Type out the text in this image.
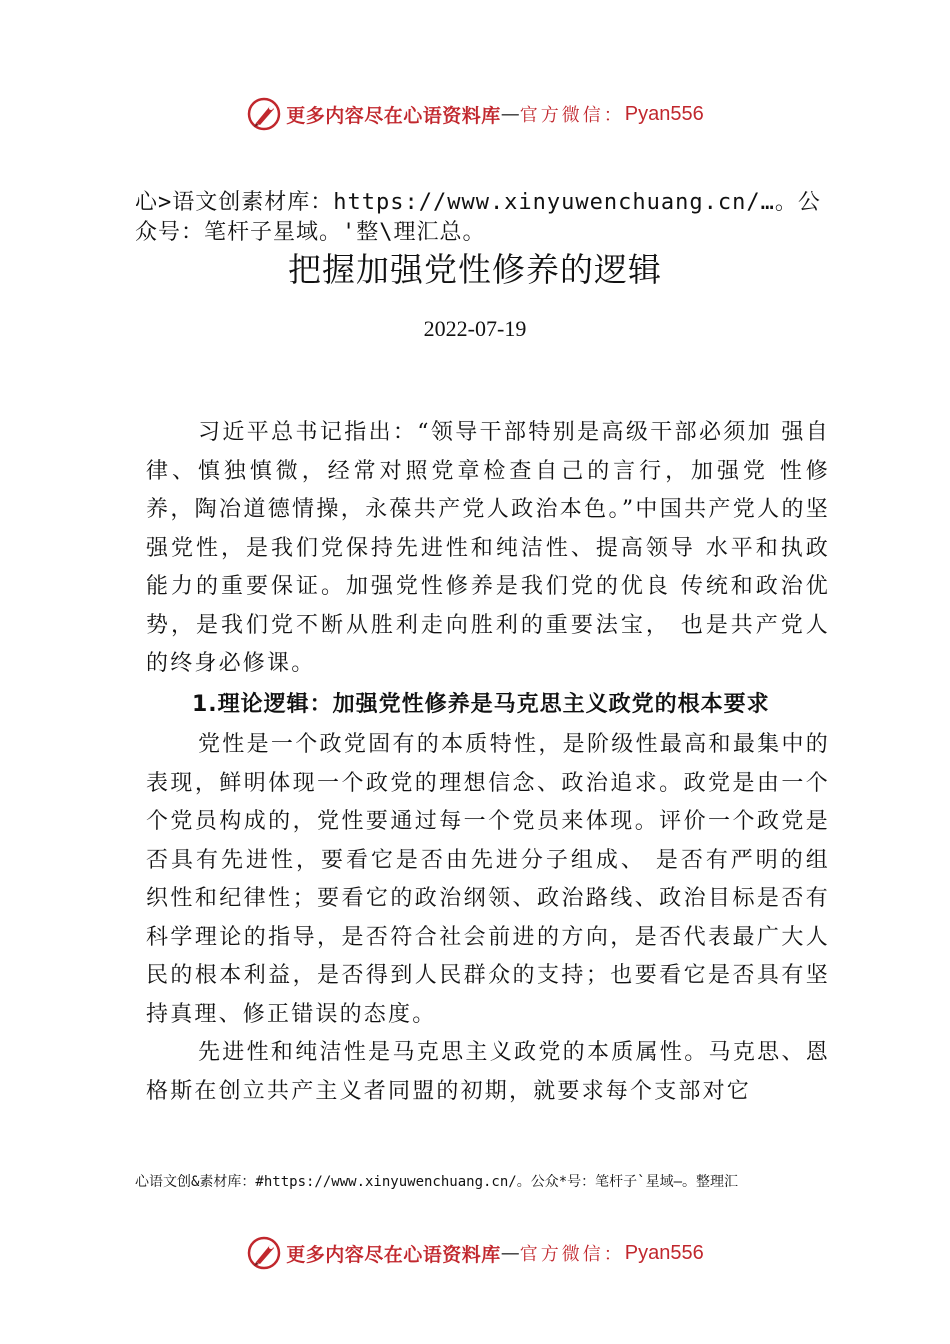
更多内容尽在心语资料库 — 官方微信： Pyan556
心>语文创素材库：https://www.xinyuwenchuang.cn/…。公众号：笔杆子星域。'整\理汇总。
把握加强党性修养的逻辑
2022-07-19

习近平总书记指出：“领导干部特别是高级干部必须加 强自律、慎独慎微，经常对照党章检查自己的言行，加强党 性修养，陶冶道德情操，永葆共产党人政治本色。”中国共产党人的坚强党性，是我们党保持先进性和纯洁性、提高领导 水平和执政能力的重要保证。加强党性修养是我们党的优良 传统和政治优势，是我们党不断从胜利走向胜利的重要法宝， 也是共产党人的终身必修课。

1.理论逻辑：加强党性修养是马克思主义政党的根本要求

党性是一个政党固有的本质特性，是阶级性最高和最集中的表现，鲜明体现一个政党的理想信念、政治追求。政党是由一个个党员构成的，党性要通过每一个党员来体现。评价一个政党是否具有先进性，要看它是否由先进分子组成、 是否有严明的组织性和纪律性；要看它的政治纲领、政治路线、政治目标是否有科学理论的指导，是否符合社会前进的方向，是否代表最广大人民的根本利益，是否得到人民群众的支持；也要看它是否具有坚持真理、修正错误的态度。

先进性和纯洁性是马克思主义政党的本质属性。马克思、恩格斯在创立共产主义者同盟的初期，就要求每个支部对它

心语文创&素材库：#https://www.xinyuwenchuang.cn/。公众*号：笔杆子`星域—。整理汇
更多内容尽在心语资料库 — 官方微信： Pyan556
